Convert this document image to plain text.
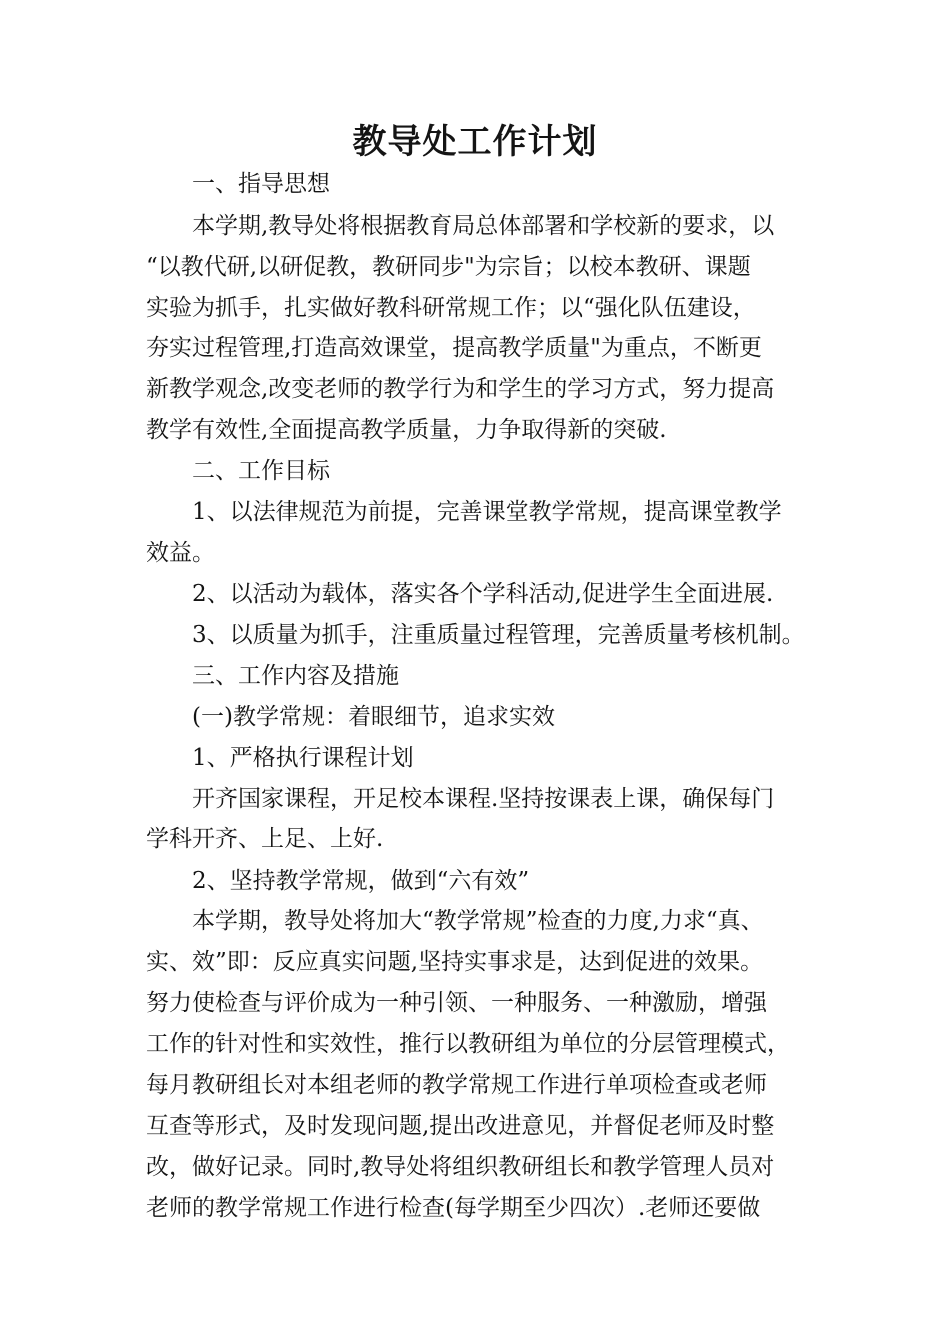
教导处工作计划
一、指导思想
本学期,教导处将根据教育局总体部署和学校新的要求，以
“以教代研,以研促教，教研同步"为宗旨；以校本教研、课题
实验为抓手，扎实做好教科研常规工作；以“强化队伍建设，
夯实过程管理,打造高效课堂，提高教学质量"为重点，不断更
新教学观念,改变老师的教学行为和学生的学习方式，努力提高
教学有效性,全面提高教学质量，力争取得新的突破.
二、工作目标
1、以法律规范为前提，完善课堂教学常规，提高课堂教学
效益。
2、以活动为载体，落实各个学科活动,促进学生全面进展.
3、以质量为抓手，注重质量过程管理，完善质量考核机制。
三、工作内容及措施
(一)教学常规：着眼细节，追求实效
1、严格执行课程计划
开齐国家课程，开足校本课程.坚持按课表上课，确保每门
学科开齐、上足、上好.
2、坚持教学常规，做到“六有效”
本学期，教导处将加大“教学常规”检查的力度,力求“真、
实、效”即：反应真实问题,坚持实事求是，达到促进的效果。
努力使检查与评价成为一种引领、一种服务、一种激励，增强
工作的针对性和实效性，推行以教研组为单位的分层管理模式，
每月教研组长对本组老师的教学常规工作进行单项检查或老师
互查等形式，及时发现问题,提出改进意见，并督促老师及时整
改，做好记录。同时,教导处将组织教研组长和教学管理人员对
老师的教学常规工作进行检查(每学期至少四次）.老师还要做
